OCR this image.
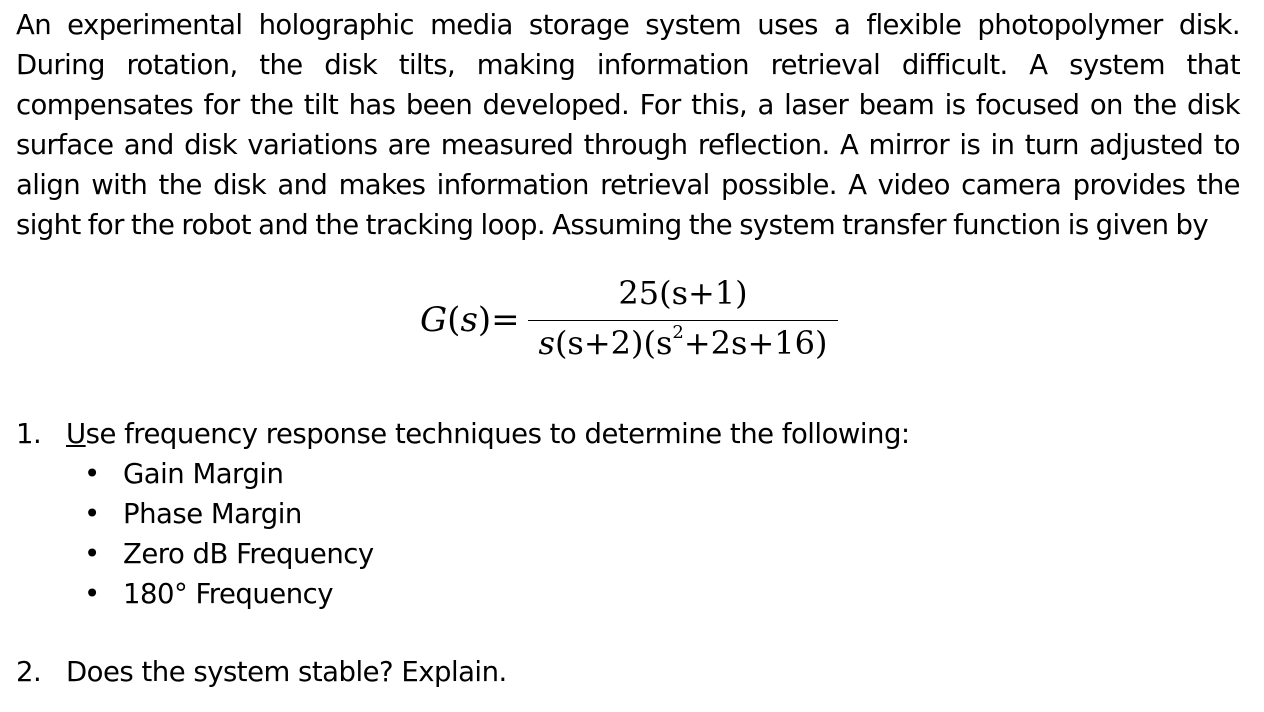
An experimental holographic media storage system uses a flexible photopolymer disk. During rotation, the disk tilts, making information retrieval difficult. A system that compensates for the tilt has been developed. For this, a laser beam is focused on the disk surface and disk variations are measured through reflection. A mirror is in turn adjusted to align with the disk and makes information retrieval possible. A video camera provides the sight for the robot and the tracking loop. Assuming the system transfer function is given by
G(s)=
25(s+1)
$s(s+2)(s^2+2s+16)$
1. Use frequency response techniques to determine the following:
• Gain Margin
• Phase Margin
• Zero dB Frequency
• 180° Frequency
2. Does the system stable? Explain.
